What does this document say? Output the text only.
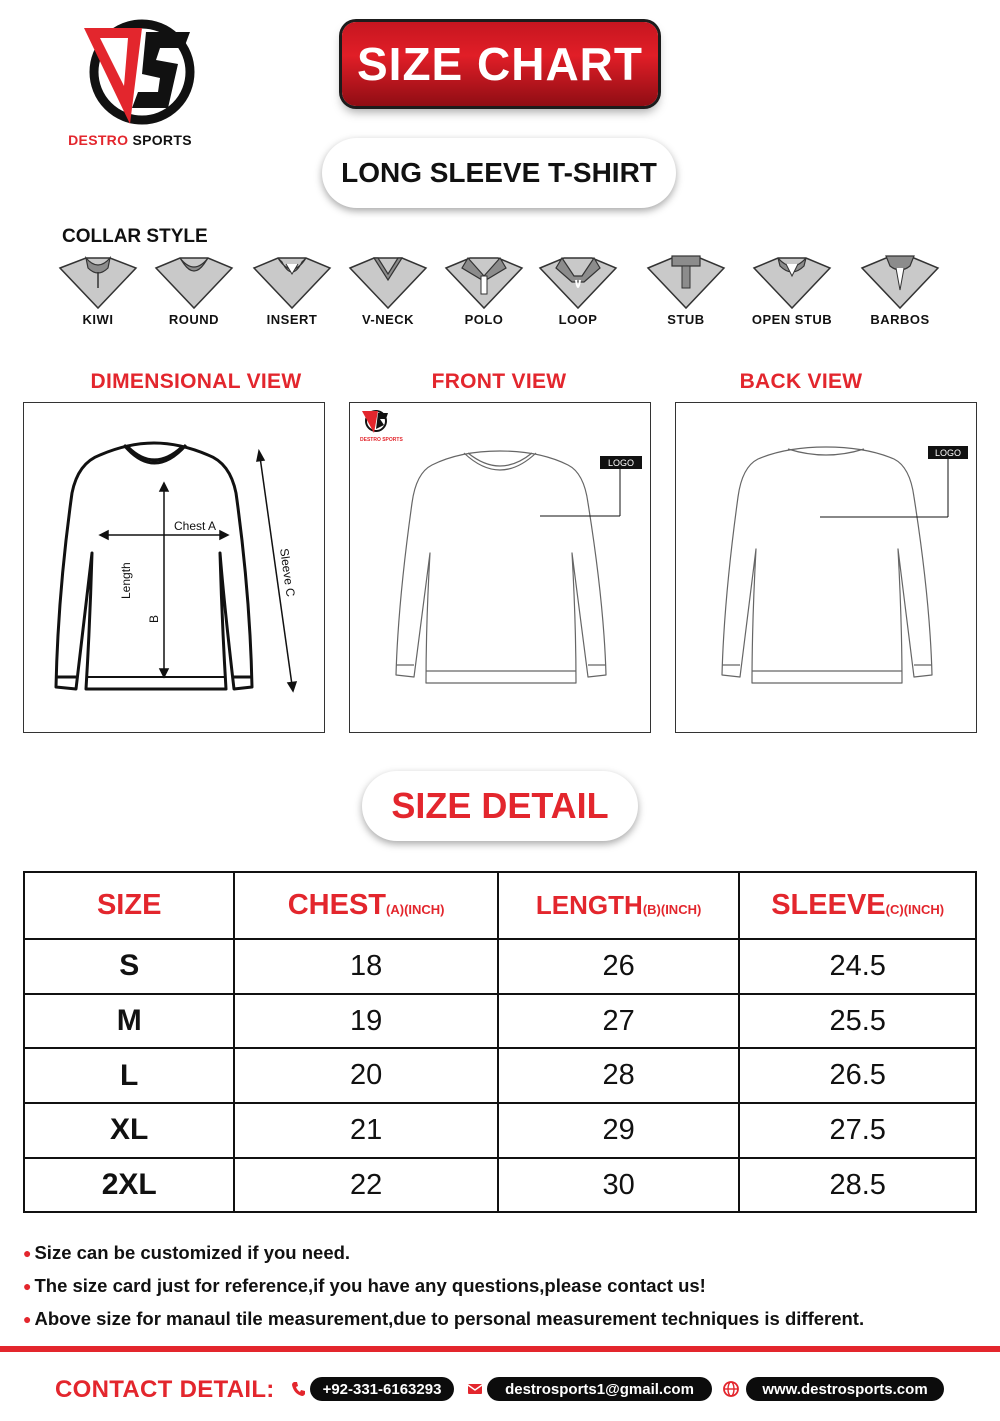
DESTRO SPORTS
SIZE CHART
LONG SLEEVE T-SHIRT
COLLAR STYLE
KIWI	ROUND	INSERT	V-NECK	POLO	LOOP	STUB	OPEN STUB	BARBOS
DIMENSIONAL VIEW	FRONT VIEW	BACK VIEW
Chest A
Length
B
Sleeve C
DESTRO SPORTS
LOGO
LOGO
SIZE DETAIL
SIZE	CHEST(A)(INCH)	LENGTH(B)(INCH)	SLEEVE(C)(INCH)
S	18	26	24.5
M	19	27	25.5
L	20	28	26.5
XL	21	29	27.5
2XL	22	30	28.5
● Size can be customized if you need.
● The size card just for reference,if you have any questions,please contact us!
● Above size for manaul tile measurement,due to personal measurement techniques is different.
CONTACT DETAIL:	+92-331-6163293	destrosports1@gmail.com	www.destrosports.com
